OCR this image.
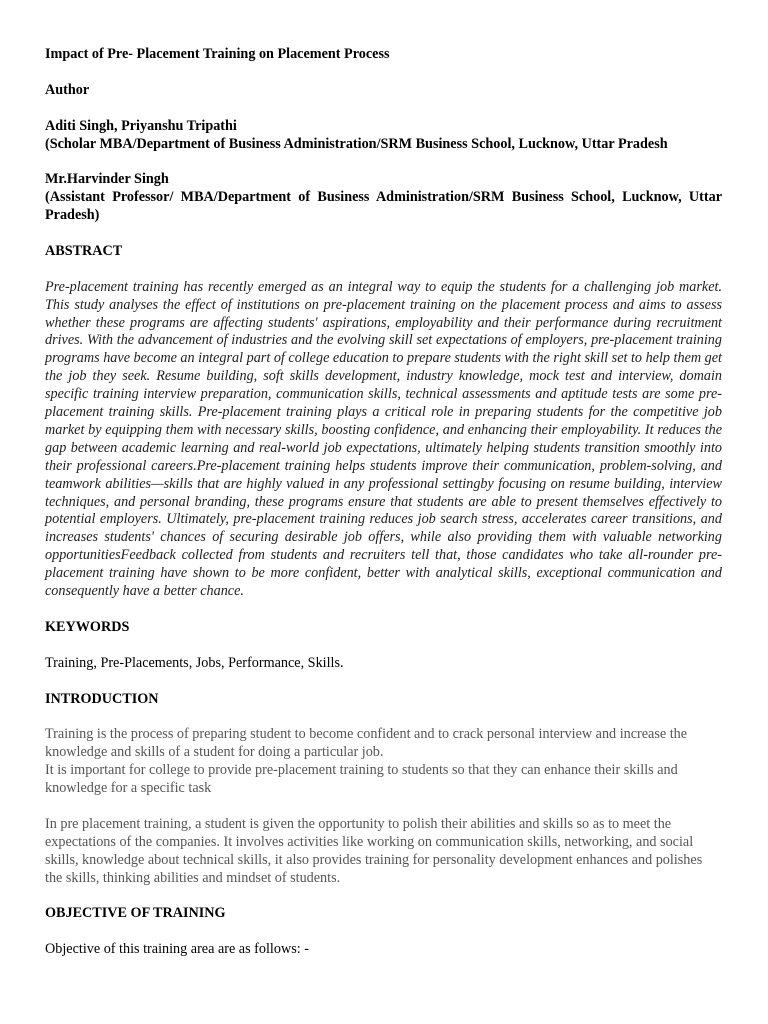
Impact of Pre- Placement Training on Placement Process

Author

Aditi Singh, Priyanshu Tripathi

(Scholar MBA/Department of Business Administration/SRM Business School, Lucknow, Uttar Pradesh

Mr.Harvinder Singh

(Assistant Professor/ MBA/Department of Business Administration/SRM Business School, Lucknow, Uttar Pradesh)

ABSTRACT

Pre-placement training has recently emerged as an integral way to equip the students for a challenging job market. This study analyses the effect of institutions on pre-placement training on the placement process and aims to assess whether these programs are affecting students' aspirations, employability and their performance during recruitment drives. With the advancement of industries and the evolving skill set expectations of employers, pre-placement training programs have become an integral part of college education to prepare students with the right skill set to help them get the job they seek. Resume building, soft skills development, industry knowledge, mock test and interview, domain specific training interview preparation, communication skills, technical assessments and aptitude tests are some pre-placement training skills. Pre-placement training plays a critical role in preparing students for the competitive job market by equipping them with necessary skills, boosting confidence, and enhancing their employability. It reduces the gap between academic learning and real-world job expectations, ultimately helping students transition smoothly into their professional careers.Pre-placement training helps students improve their communication, problem-solving, and teamwork abilities—skills that are highly valued in any professional settingby focusing on resume building, interview techniques, and personal branding, these programs ensure that students are able to present themselves effectively to potential employers. Ultimately, pre-placement training reduces job search stress, accelerates career transitions, and increases students' chances of securing desirable job offers, while also providing them with valuable networking opportunitiesFeedback collected from students and recruiters tell that, those candidates who take all-rounder pre-placement training have shown to be more confident, better with analytical skills, exceptional communication and consequently have a better chance.

KEYWORDS

Training, Pre-Placements, Jobs, Performance, Skills.

INTRODUCTION

Training is the process of preparing student to become confident and to crack personal interview and increase the knowledge and skills of a student for doing a particular job.

It is important for college to provide pre-placement training to students so that they can enhance their skills and knowledge for a specific task

In pre placement training, a student is given the opportunity to polish their abilities and skills so as to meet the expectations of the companies. It involves activities like working on communication skills, networking, and social skills, knowledge about technical skills, it also provides training for personality development enhances and polishes the skills, thinking abilities and mindset of students.

OBJECTIVE OF TRAINING

Objective of this training area are as follows: -
